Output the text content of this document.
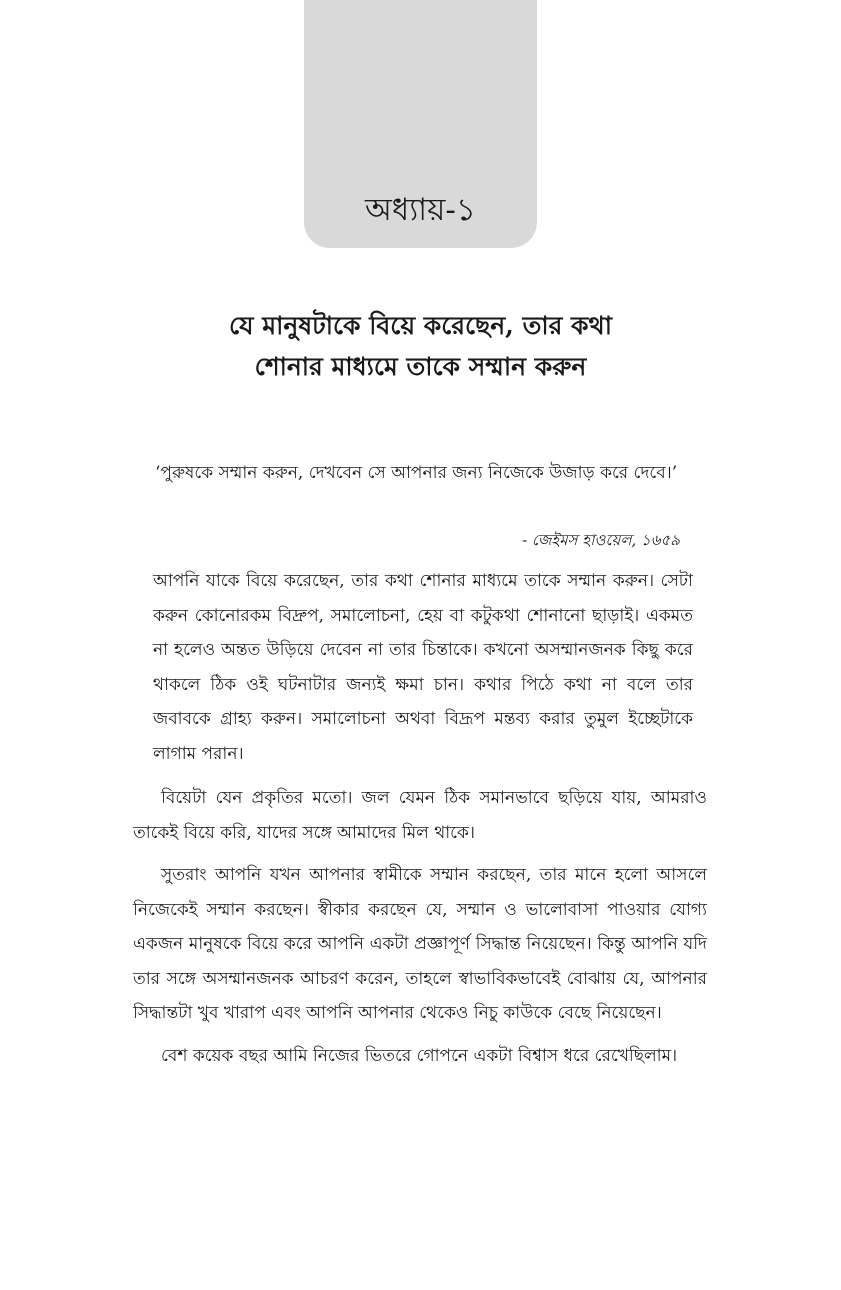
অধ্যায়-১
যে মানুষটাকে বিয়ে করেছেন, তার কথা
শোনার মাধ্যমে তাকে সম্মান করুন
‘পুরুষকে সম্মান করুন, দেখবেন সে আপনার জন্য নিজেকে উজাড় করে দেবে।’
- জেইমস হাওয়েল, ১৬৫৯

আপনি যাকে বিয়ে করেছেন, তার কথা শোনার মাধ্যমে তাকে সম্মান করুন। সেটা করুন কোনোরকম বিদ্রুপ, সমালোচনা, হেয় বা কটুকথা শোনানো ছাড়াই। একমত না হলেও অন্তত উড়িয়ে দেবেন না তার চিন্তাকে। কখনো অসম্মানজনক কিছু করে থাকলে ঠিক ওই ঘটনাটার জন্যই ক্ষমা চান। কথার পিঠে কথা না বলে তার জবাবকে গ্রাহ্য করুন। সমালোচনা অথবা বিদ্রূপ মন্তব্য করার তুমুল ইচ্ছেটাকে লাগাম পরান।

বিয়েটা যেন প্রকৃতির মতো। জল যেমন ঠিক সমানভাবে ছড়িয়ে যায়, আমরাও তাকেই বিয়ে করি, যাদের সঙ্গে আমাদের মিল থাকে।

সুতরাং আপনি যখন আপনার স্বামীকে সম্মান করছেন, তার মানে হলো আসলে নিজেকেই সম্মান করছেন। স্বীকার করছেন যে, সম্মান ও ভালোবাসা পাওয়ার যোগ্য একজন মানুষকে বিয়ে করে আপনি একটা প্রজ্ঞাপূর্ণ সিদ্ধান্ত নিয়েছেন। কিন্তু আপনি যদি তার সঙ্গে অসম্মানজনক আচরণ করেন, তাহলে স্বাভাবিকভাবেই বোঝায় যে, আপনার সিদ্ধান্তটা খুব খারাপ এবং আপনি আপনার থেকেও নিচু কাউকে বেছে নিয়েছেন।

বেশ কয়েক বছর আমি নিজের ভিতরে গোপনে একটা বিশ্বাস ধরে রেখেছিলাম।
